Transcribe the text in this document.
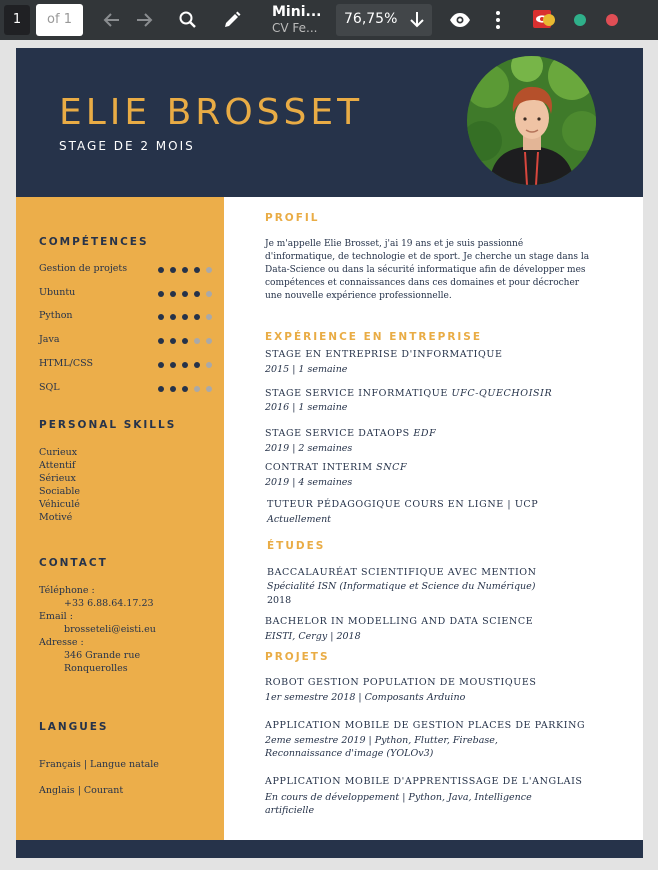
1	of 1	Mini...
CV Fe...
76,75%
ELIE BROSSET
STAGE DE 2 MOIS
COMPÉTENCES
Gestion de projets
Ubuntu
Python
Java
HTML/CSS
SQL
PERSONAL SKILLS
Curieux
Attentif
Sérieux
Sociable
Véhiculé
Motivé
CONTACT
Téléphone :
+33 6.88.64.17.23
Email :
brosseteli@eisti.eu
Adresse :
346 Grande rue
Ronquerolles
LANGUES
Français | Langue natale
Anglais | Courant
PROFIL
Je m'appelle Elie Brosset, j'ai 19 ans et je suis passionné d'informatique, de technologie et de sport. Je cherche un stage dans la Data-Science ou dans la sécurité informatique afin de développer mes compétences et connaissances dans ces domaines et pour décrocher une nouvelle expérience professionnelle.
EXPÉRIENCE EN ENTREPRISE
STAGE EN ENTREPRISE D'INFORMATIQUE
2015 | 1 semaine
STAGE SERVICE INFORMATIQUE UFC-QUECHOISIR
2016 | 1 semaine
STAGE SERVICE DATAOPS EDF
2019 | 2 semaines
CONTRAT INTERIM SNCF
2019 | 4 semaines
TUTEUR PÉDAGOGIQUE COURS EN LIGNE | UCP
Actuellement
ÉTUDES
BACCALAURÉAT SCIENTIFIQUE AVEC MENTION
Spécialité ISN (Informatique et Science du Numérique)
2018
BACHELOR IN MODELLING AND DATA SCIENCE
EISTI, Cergy | 2018
PROJETS
ROBOT GESTION POPULATION DE MOUSTIQUES
1er semestre 2018 | Composants Arduino
APPLICATION MOBILE DE GESTION PLACES DE PARKING
2eme semestre 2019 | Python, Flutter, Firebase,
Reconnaissance d'image (YOLOv3)
APPLICATION MOBILE D'APPRENTISSAGE DE L'ANGLAIS
En cours de développement | Python, Java, Intelligence
artificielle
